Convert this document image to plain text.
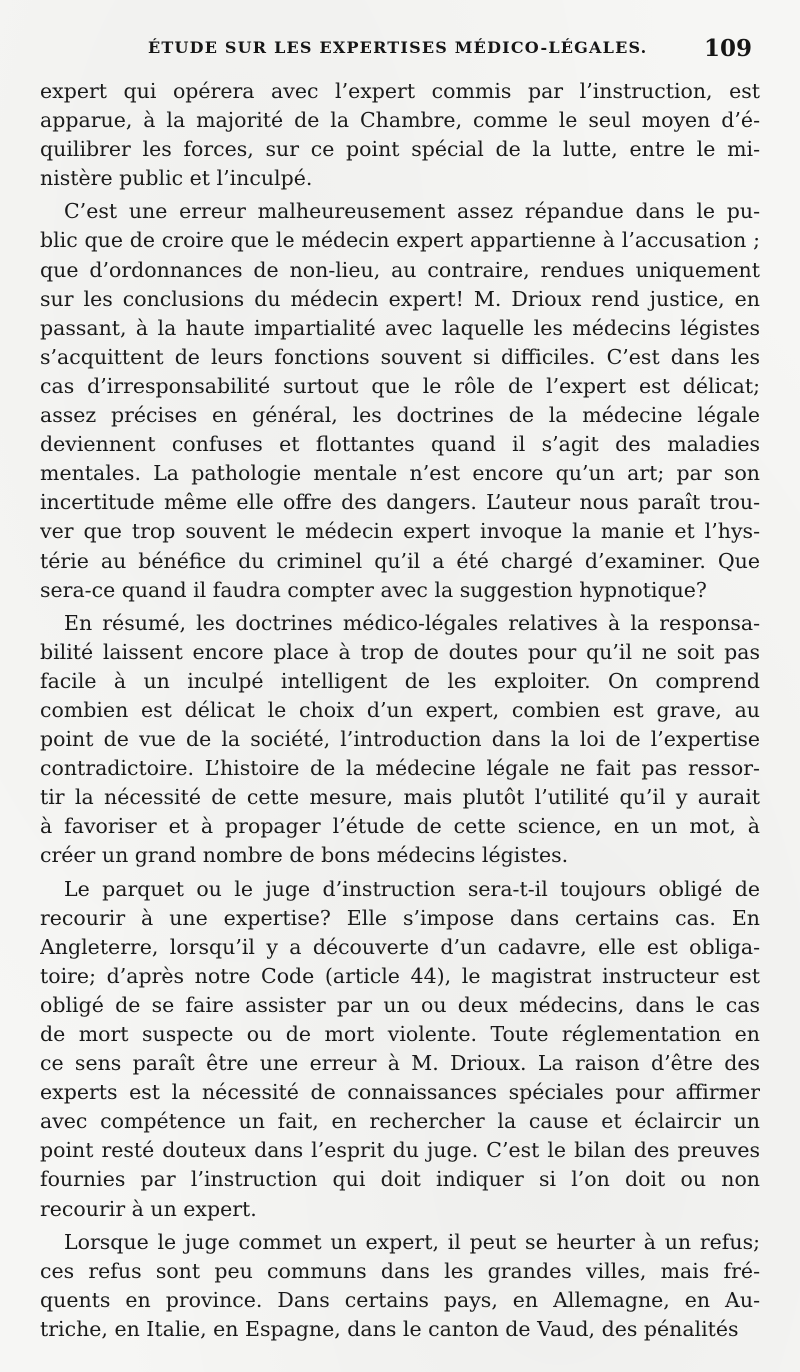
ÉTUDE SUR LES EXPERTISES MÉDICO-LÉGALES. 109
expert qui opérera avec l’expert commis par l’instruction, est
apparue, à la majorité de la Chambre, comme le seul moyen d’é-
quilibrer les forces, sur ce point spécial de la lutte, entre le mi-
nistère public et l’inculpé.
C’est une erreur malheureusement assez répandue dans le pu-
blic que de croire que le médecin expert appartienne à l’accusation ;
que d’ordonnances de non-lieu, au contraire, rendues uniquement
sur les conclusions du médecin expert! M. Drioux rend justice, en
passant, à la haute impartialité avec laquelle les médecins légistes
s’acquittent de leurs fonctions souvent si difficiles. C’est dans les
cas d’irresponsabilité surtout que le rôle de l’expert est délicat;
assez précises en général, les doctrines de la médecine légale
deviennent confuses et flottantes quand il s’agit des maladies
mentales. La pathologie mentale n’est encore qu’un art; par son
incertitude même elle offre des dangers. L’auteur nous paraît trou-
ver que trop souvent le médecin expert invoque la manie et l’hys-
térie au bénéfice du criminel qu’il a été chargé d’examiner. Que
sera-ce quand il faudra compter avec la suggestion hypnotique?
En résumé, les doctrines médico-légales relatives à la responsa-
bilité laissent encore place à trop de doutes pour qu’il ne soit pas
facile à un inculpé intelligent de les exploiter. On comprend
combien est délicat le choix d’un expert, combien est grave, au
point de vue de la société, l’introduction dans la loi de l’expertise
contradictoire. L’histoire de la médecine légale ne fait pas ressor-
tir la nécessité de cette mesure, mais plutôt l’utilité qu’il y aurait
à favoriser et à propager l’étude de cette science, en un mot, à
créer un grand nombre de bons médecins légistes.
Le parquet ou le juge d’instruction sera-t-il toujours obligé de
recourir à une expertise? Elle s’impose dans certains cas. En
Angleterre, lorsqu’il y a découverte d’un cadavre, elle est obliga-
toire; d’après notre Code (article 44), le magistrat instructeur est
obligé de se faire assister par un ou deux médecins, dans le cas
de mort suspecte ou de mort violente. Toute réglementation en
ce sens paraît être une erreur à M. Drioux. La raison d’être des
experts est la nécessité de connaissances spéciales pour affirmer
avec compétence un fait, en rechercher la cause et éclaircir un
point resté douteux dans l’esprit du juge. C’est le bilan des preuves
fournies par l’instruction qui doit indiquer si l’on doit ou non
recourir à un expert.
Lorsque le juge commet un expert, il peut se heurter à un refus;
ces refus sont peu communs dans les grandes villes, mais fré-
quents en province. Dans certains pays, en Allemagne, en Au-
triche, en Italie, en Espagne, dans le canton de Vaud, des pénalités
